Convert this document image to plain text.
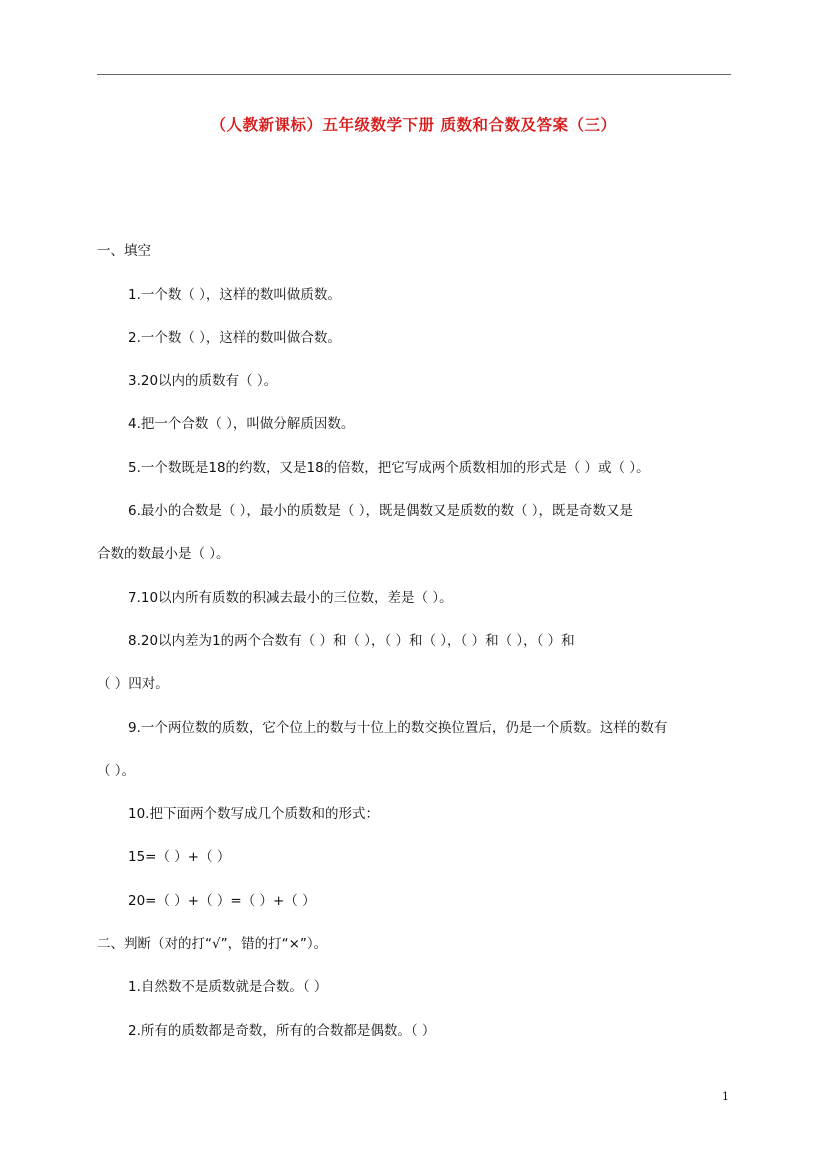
（人教新课标）五年级数学下册 质数和合数及答案（三）
一、填空
1.一个数（ ），这样的数叫做质数。
2.一个数（ ），这样的数叫做合数。
3.20以内的质数有（ ）。
4.把一个合数（ ），叫做分解质因数。
5.一个数既是18的约数，又是18的倍数，把它写成两个质数相加的形式是（ ）或（ ）。
6.最小的合数是（ ），最小的质数是（ ），既是偶数又是质数的数（ ），既是奇数又是
合数的数最小是（ ）。
7.10以内所有质数的积减去最小的三位数，差是（ ）。
8.20以内差为1的两个合数有（ ）和（ ），（ ）和（ ），（ ）和（ ），（ ）和
（ ）四对。
9.一个两位数的质数，它个位上的数与十位上的数交换位置后，仍是一个质数。这样的数有
（ ）。
10.把下面两个数写成几个质数和的形式：
15=（ ）+（ ）
20=（ ）+（ ）=（ ）+（ ）
二、判断（对的打“√”，错的打“×”）。
1.自然数不是质数就是合数。（ ）
2.所有的质数都是奇数，所有的合数都是偶数。（ ）
1
